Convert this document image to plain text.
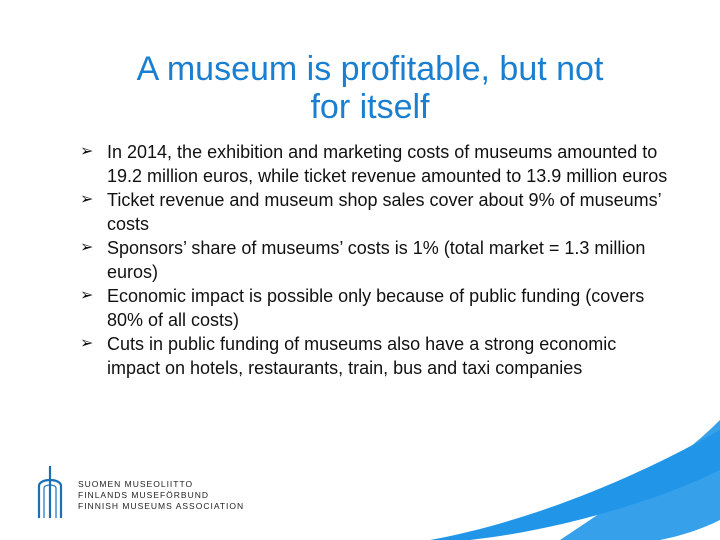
A museum is profitable, but not
for itself
➢ In 2014, the exhibition and marketing costs of museums amounted to 19.2 million euros, while ticket revenue amounted to 13.9 million euros
➢ Ticket revenue and museum shop sales cover about 9% of museums’ costs
➢ Sponsors’ share of museums’ costs is 1% (total market = 1.3 million euros)
➢ Economic impact is possible only because of public funding (covers 80% of all costs)
➢ Cuts in public funding of museums also have a strong economic impact on hotels, restaurants, train, bus and taxi companies
SUOMEN MUSEOLIITTO
FINLANDS MUSEFÖRBUND
FINNISH MUSEUMS ASSOCIATION
